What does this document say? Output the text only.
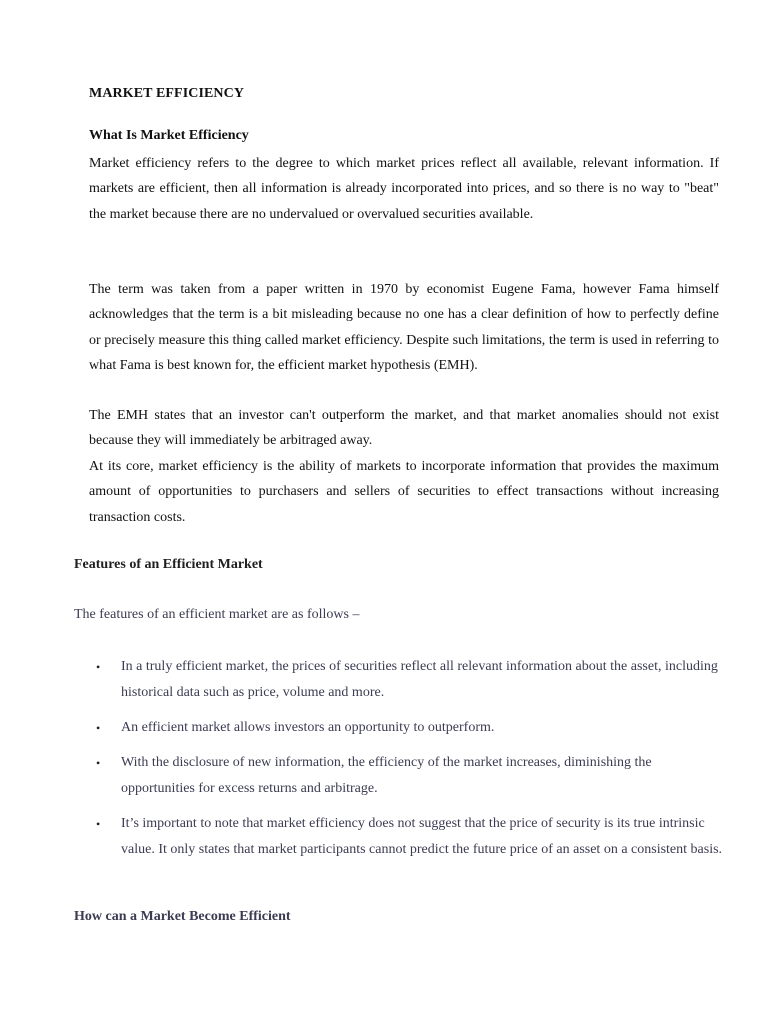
MARKET EFFICIENCY
What Is Market Efficiency

Market efficiency refers to the degree to which market prices reflect all available, relevant information. If markets are efficient, then all information is already incorporated into prices, and so there is no way to "beat" the market because there are no undervalued or overvalued securities available.

The term was taken from a paper written in 1970 by economist Eugene Fama, however Fama himself acknowledges that the term is a bit misleading because no one has a clear definition of how to perfectly define or precisely measure this thing called market efficiency. Despite such limitations, the term is used in referring to what Fama is best known for, the efficient market hypothesis (EMH).

The EMH states that an investor can't outperform the market, and that market anomalies should not exist because they will immediately be arbitraged away.

At its core, market efficiency is the ability of markets to incorporate information that provides the maximum amount of opportunities to purchasers and sellers of securities to effect transactions without increasing transaction costs.

Features of an Efficient Market
The features of an efficient market are as follows –
• In a truly efficient market, the prices of securities reflect all relevant information about the asset, including historical data such as price, volume and more.
• An efficient market allows investors an opportunity to outperform.
• With the disclosure of new information, the efficiency of the market increases, diminishing the opportunities for excess returns and arbitrage.
• It’s important to note that market efficiency does not suggest that the price of security is its true intrinsic value. It only states that market participants cannot predict the future price of an asset on a consistent basis.
How can a Market Become Efficient
